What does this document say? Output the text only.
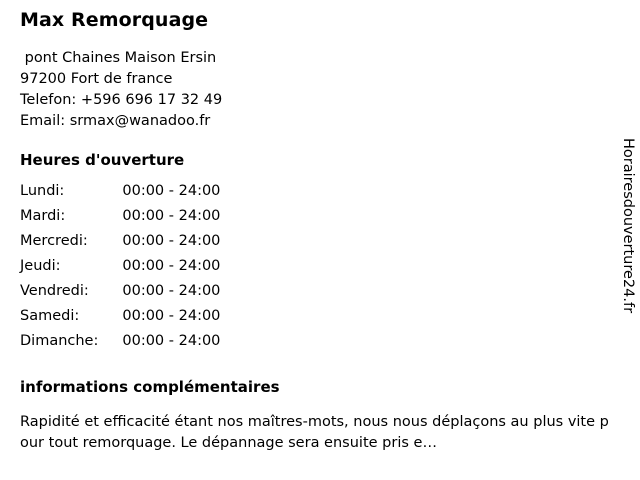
Max Remorquage
pont Chaines Maison Ersin
97200 Fort de france
Telefon: +596 696 17 32 49
Email: srmax@wanadoo.fr
Heures d'ouverture
Lundi:	00:00 - 24:00
Mardi:	00:00 - 24:00
Mercredi:	00:00 - 24:00
Jeudi:	00:00 - 24:00
Vendredi:	00:00 - 24:00
Samedi:	00:00 - 24:00
Dimanche:	00:00 - 24:00
informations complémentaires

Rapidité et efficacité étant nos maîtres-mots, nous nous déplaçons au plus vite pour tout remorquage. Le dépannage sera ensuite pris e…

Horairesdouverture24.fr
